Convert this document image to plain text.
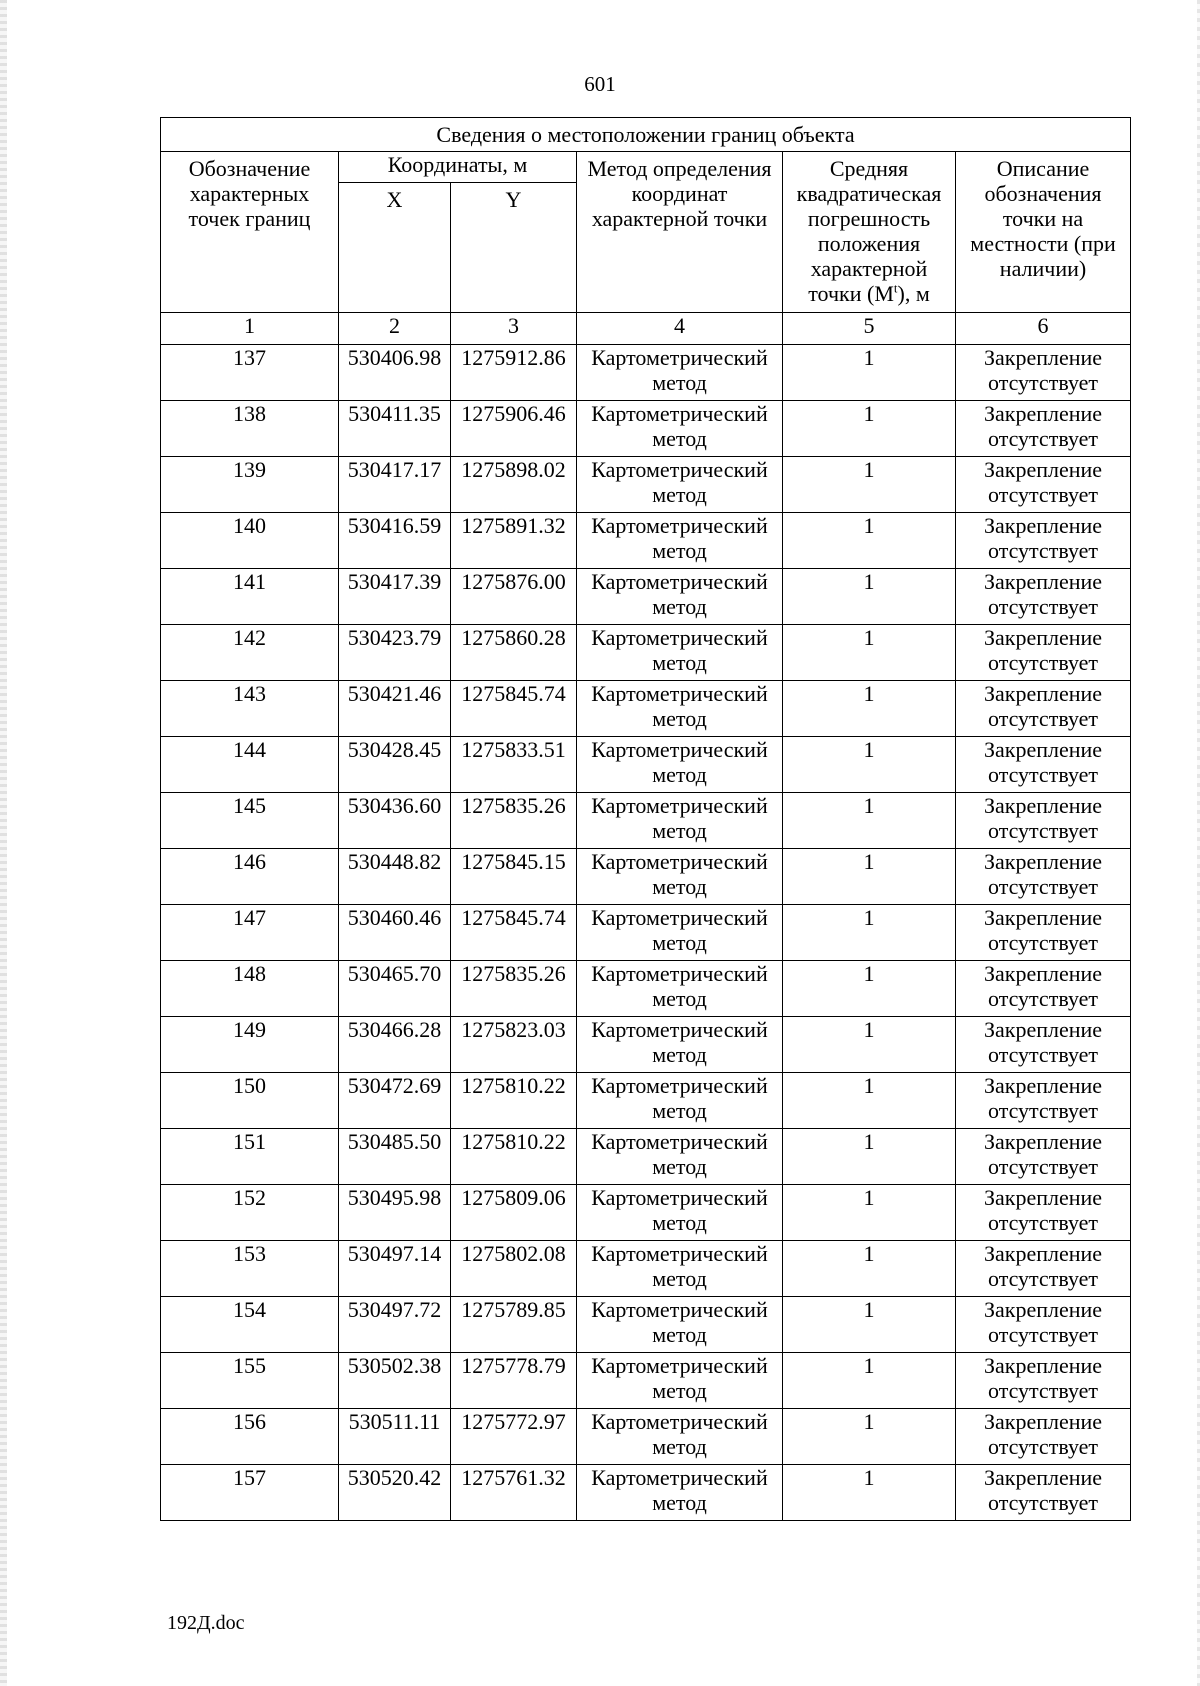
601
Сведения о местоположении границ объекта					
Обозначение характерных точек границ	Координаты, м		Метод определения координат характерной точки	Средняя квадратическая погрешность положения характерной точки $(М^t)$, м	Описание обозначения точки на местности (при наличии)
	X	Y			
1	2	3	4	5	6
137	530406.98	1275912.86	Картометрический метод	1	Закрепление отсутствует
138	530411.35	1275906.46	Картометрический метод	1	Закрепление отсутствует
139	530417.17	1275898.02	Картометрический метод	1	Закрепление отсутствует
140	530416.59	1275891.32	Картометрический метод	1	Закрепление отсутствует
141	530417.39	1275876.00	Картометрический метод	1	Закрепление отсутствует
142	530423.79	1275860.28	Картометрический метод	1	Закрепление отсутствует
143	530421.46	1275845.74	Картометрический метод	1	Закрепление отсутствует
144	530428.45	1275833.51	Картометрический метод	1	Закрепление отсутствует
145	530436.60	1275835.26	Картометрический метод	1	Закрепление отсутствует
146	530448.82	1275845.15	Картометрический метод	1	Закрепление отсутствует
147	530460.46	1275845.74	Картометрический метод	1	Закрепление отсутствует
148	530465.70	1275835.26	Картометрический метод	1	Закрепление отсутствует
149	530466.28	1275823.03	Картометрический метод	1	Закрепление отсутствует
150	530472.69	1275810.22	Картометрический метод	1	Закрепление отсутствует
151	530485.50	1275810.22	Картометрический метод	1	Закрепление отсутствует
152	530495.98	1275809.06	Картометрический метод	1	Закрепление отсутствует
153	530497.14	1275802.08	Картометрический метод	1	Закрепление отсутствует
154	530497.72	1275789.85	Картометрический метод	1	Закрепление отсутствует
155	530502.38	1275778.79	Картометрический метод	1	Закрепление отсутствует
156	530511.11	1275772.97	Картометрический метод	1	Закрепление отсутствует
157	530520.42	1275761.32	Картометрический метод	1	Закрепление отсутствует
192Д.doc
